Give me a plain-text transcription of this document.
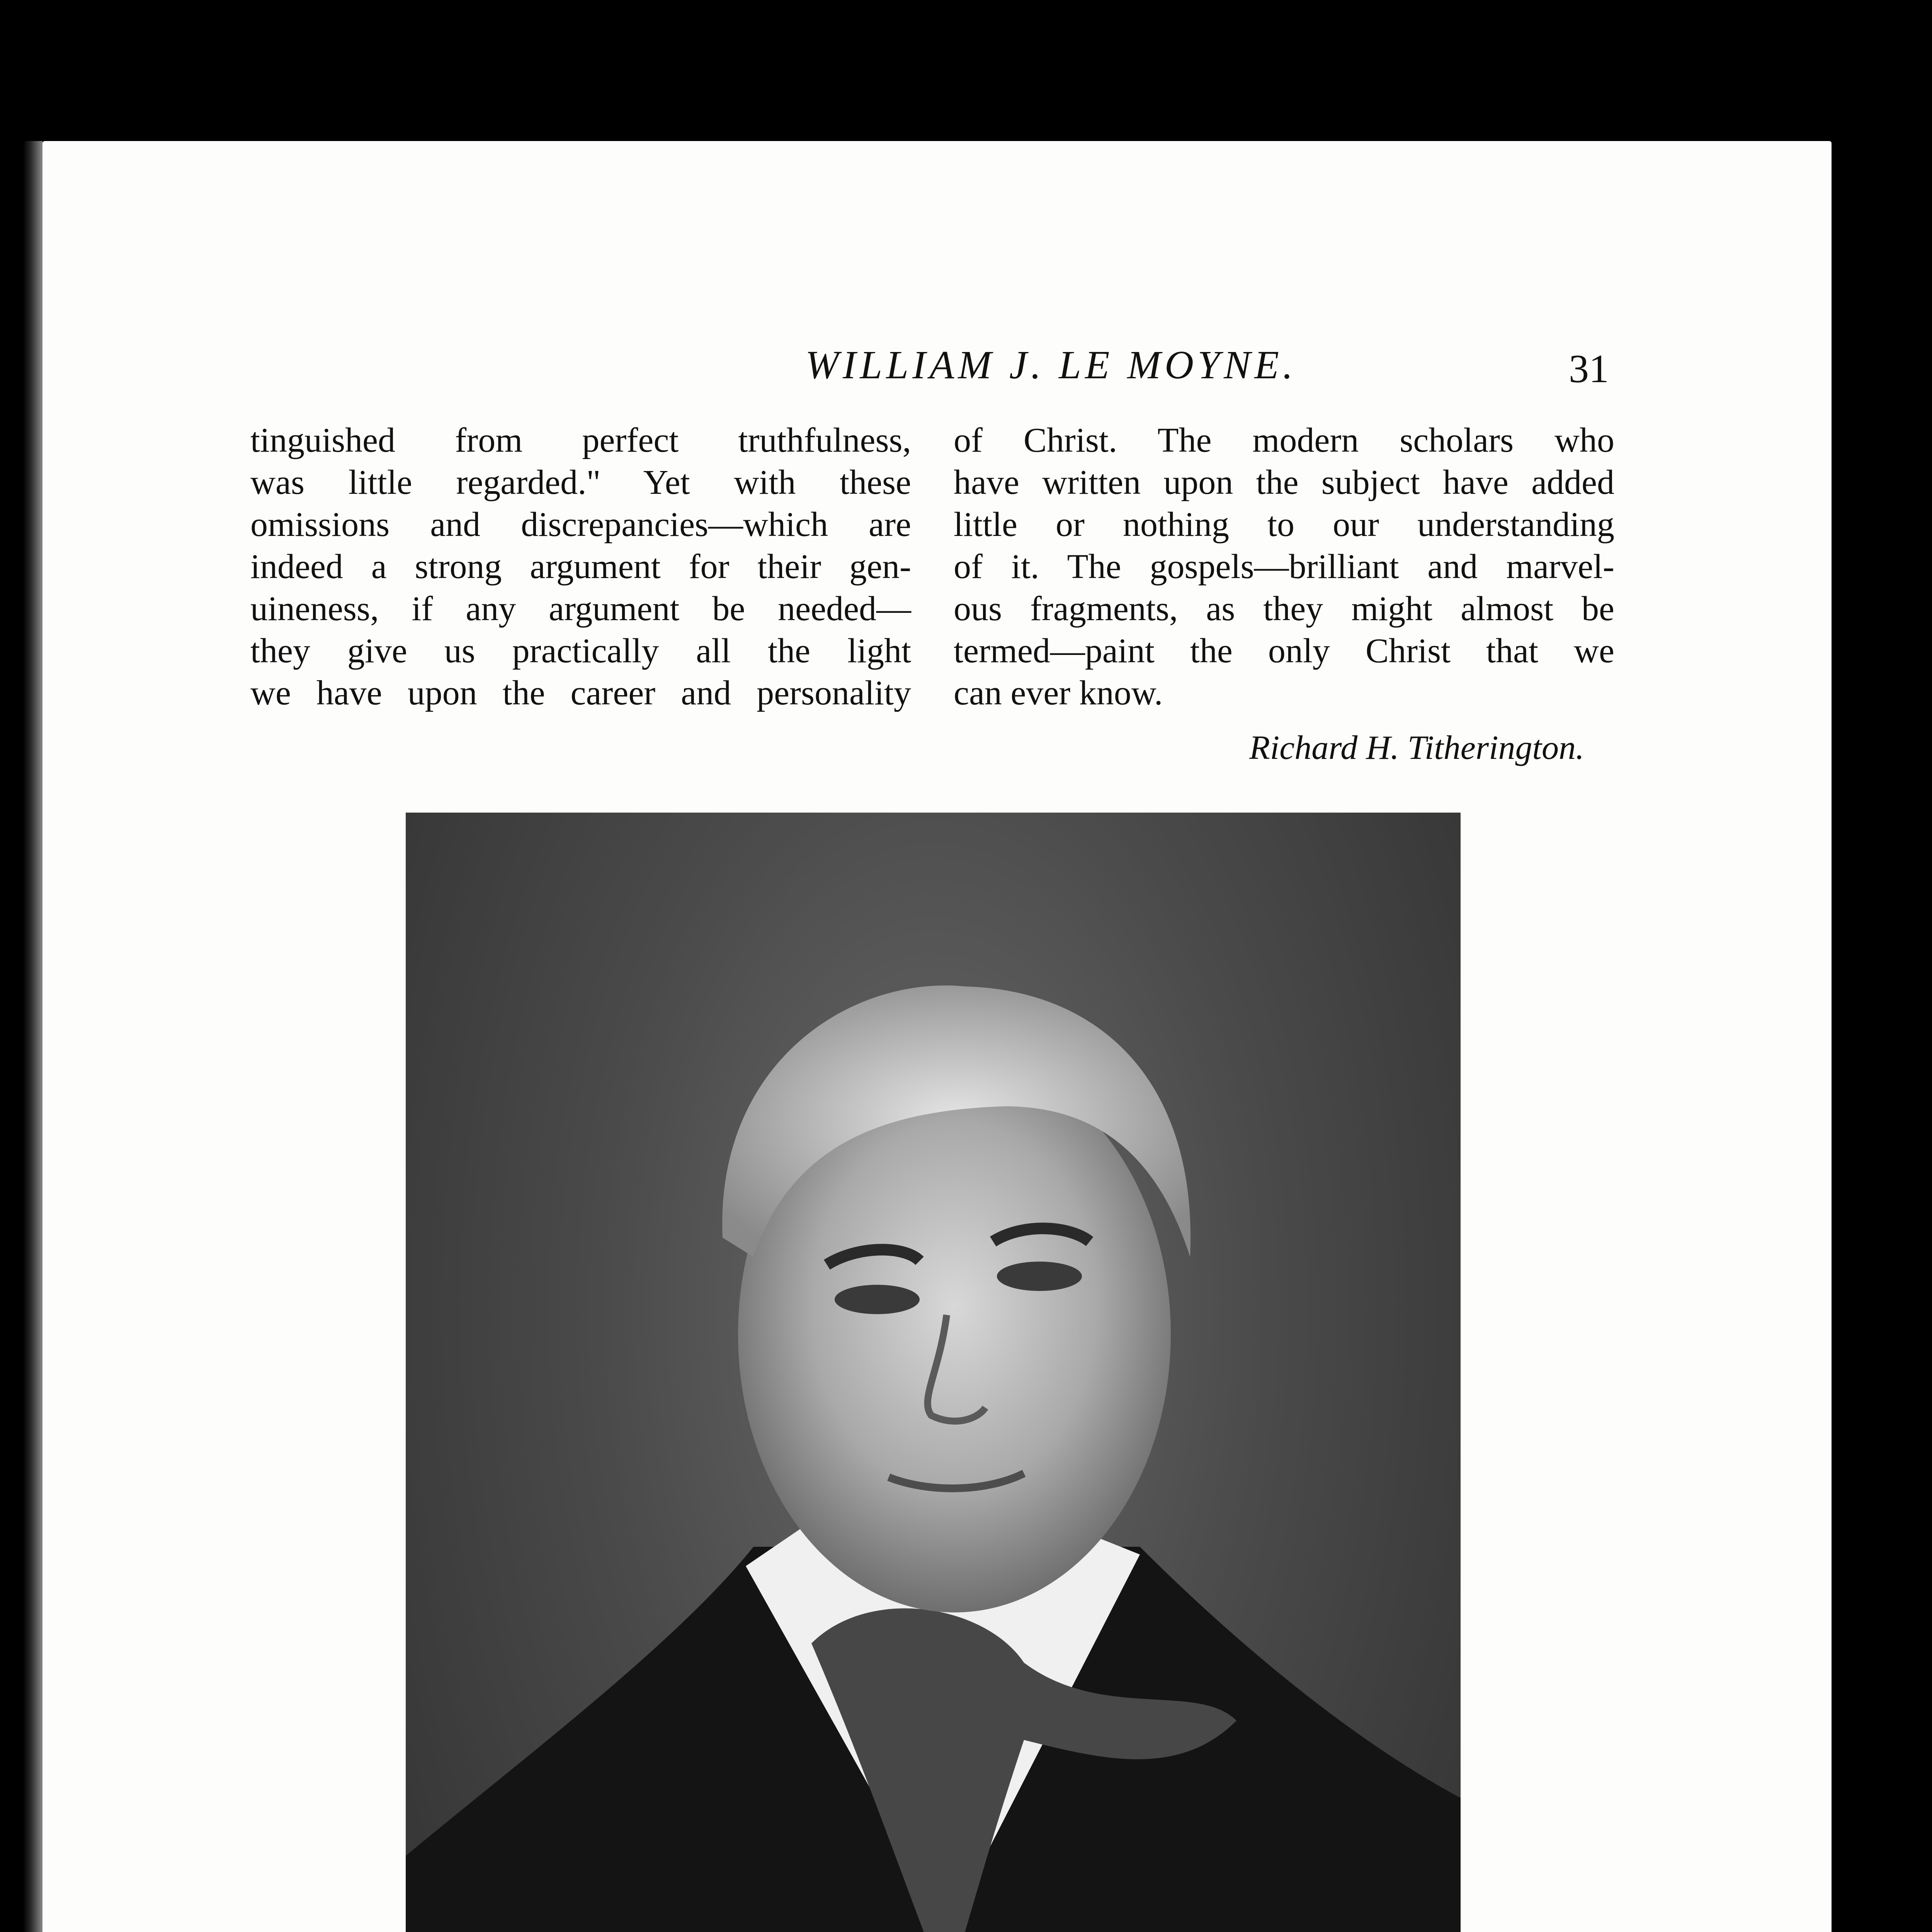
WILLIAM J. LE MOYNE.	31
tinguished from perfect truthfulness,
was little regarded." Yet with these
omissions and discrepancies—which are
indeed a strong argument for their gen-
uineness, if any argument be needed—
they give us practically all the light
we have upon the career and personality
of Christ. The modern scholars who
have written upon the subject have added
little or nothing to our understanding
of it. The gospels—brilliant and marvel-
ous fragments, as they might almost be
termed—paint the only Christ that we
can ever know.
Richard H. Titherington.
